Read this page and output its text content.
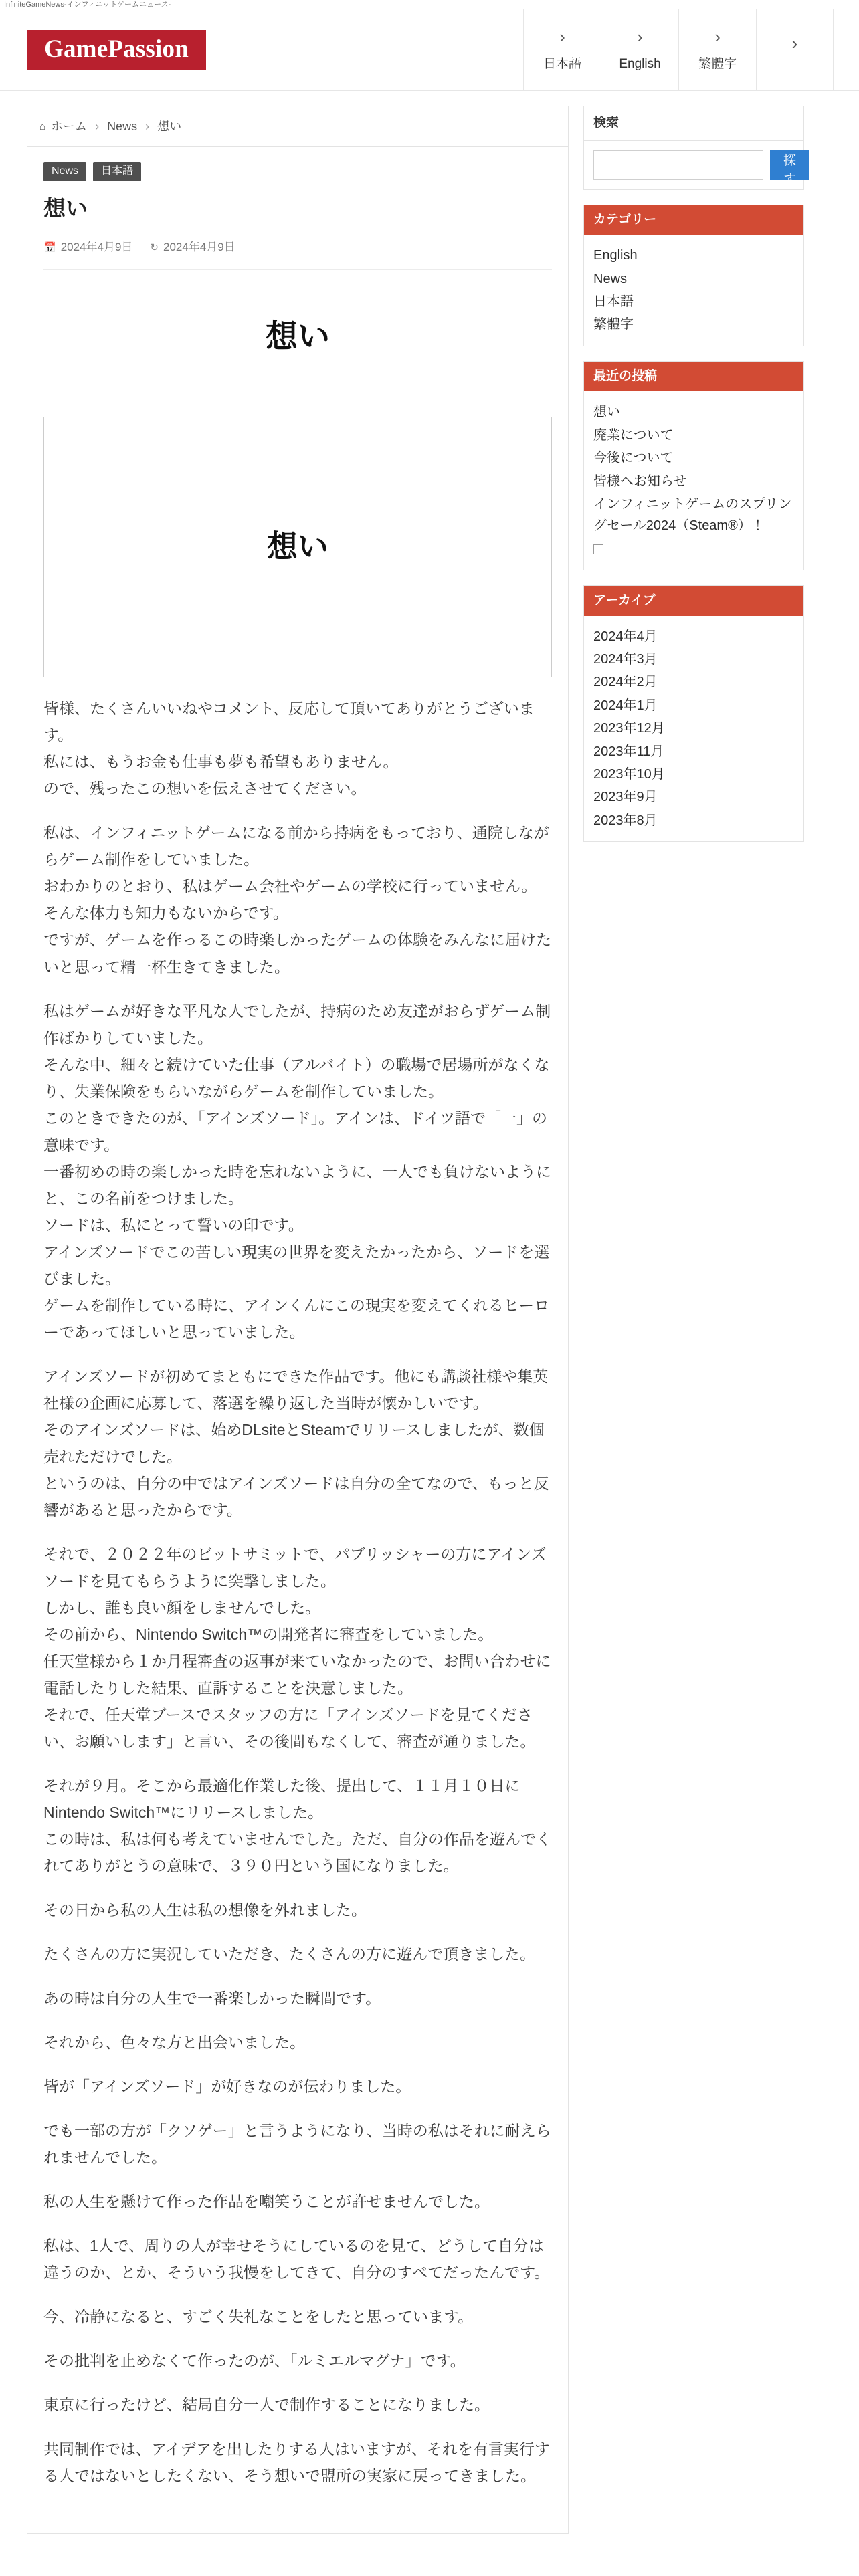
InfiniteGameNews-インフィニットゲームニュース-
GamePassion	›
日本語
›
English
›
繁體字
›
⌂ ホーム › News › 想い
News	日本語
想い
📅 2024年4月9日 ↻ 2024年4月9日
想い
想い

皆様、たくさんいいねやコメント、反応して頂いてありがとうございます。
私には、もうお金も仕事も夢も希望もありません。
ので、残ったこの想いを伝えさせてください。

私は、インフィニットゲームになる前から持病をもっており、通院しながらゲーム制作をしていました。
おわかりのとおり、私はゲーム会社やゲームの学校に行っていません。そんな体力も知力もないからです。
ですが、ゲームを作っるこの時楽しかったゲームの体験をみんなに届けたいと思って精一杯生きてきました。

私はゲームが好きな平凡な人でしたが、持病のため友達がおらずゲーム制作ばかりしていました。
そんな中、細々と続けていた仕事（アルバイト）の職場で居場所がなくなり、失業保険をもらいながらゲームを制作していました。
このときできたのが、「アインズソード」。アインは、ドイツ語で「一」の意味です。
一番初めの時の楽しかった時を忘れないように、一人でも負けないようにと、この名前をつけました。
ソードは、私にとって誓いの印です。
アインズソードでこの苦しい現実の世界を変えたかったから、ソードを選びました。
ゲームを制作している時に、アインくんにこの現実を変えてくれるヒーローであってほしいと思っていました。

アインズソードが初めてまともにできた作品です。他にも講談社様や集英社様の企画に応募して、落選を繰り返した当時が懐かしいです。
そのアインズソードは、始めDLsiteとSteamでリリースしましたが、数個売れただけでした。
というのは、自分の中ではアインズソードは自分の全てなので、もっと反響があると思ったからです。

それで、２０２２年のビットサミットで、パブリッシャーの方にアインズソードを見てもらうように突撃しました。
しかし、誰も良い顔をしませんでした。
その前から、Nintendo Switch™の開発者に審査をしていました。
任天堂様から１か月程審査の返事が来ていなかったので、お問い合わせに電話したりした結果、直訴することを決意しました。
それで、任天堂ブースでスタッフの方に「アインズソードを見てください、お願いします」と言い、その後間もなくして、審査が通りました。

それが９月。そこから最適化作業した後、提出して、１１月１０日にNintendo Switch™にリリースしました。
この時は、私は何も考えていませんでした。ただ、自分の作品を遊んでくれてありがとうの意味で、３９０円という国になりました。

その日から私の人生は私の想像を外れました。

たくさんの方に実況していただき、たくさんの方に遊んで頂きました。

あの時は自分の人生で一番楽しかった瞬間です。

それから、色々な方と出会いました。

皆が「アインズソード」が好きなのが伝わりました。

でも一部の方が「クソゲー」と言うようになり、当時の私はそれに耐えられませんでした。

私の人生を懸けて作った作品を嘲笑うことが許せませんでした。

私は、1人で、周りの人が幸せそうにしているのを見て、どうして自分は違うのか、とか、そういう我慢をしてきて、自分のすべてだったんです。

今、冷静になると、すごく失礼なことをしたと思っています。

その批判を止めなくて作ったのが、「ルミエルマグナ」です。

東京に行ったけど、結局自分一人で制作することになりました。

共同制作では、アイデアを出したりする人はいますが、それを有言実行する人ではないとしたくない、そう想いで盟所の実家に戻ってきました。

検索
探す
カテゴリー
English
News
日本語
繁體字
最近の投稿
想い
廃業について
今後について
皆様へお知らせ
インフィニットゲームのスプリングセール2024（Steam®）！
アーカイブ
2024年4月
2024年3月
2024年2月
2024年1月
2023年12月
2023年11月
2023年10月
2023年9月
2023年8月
